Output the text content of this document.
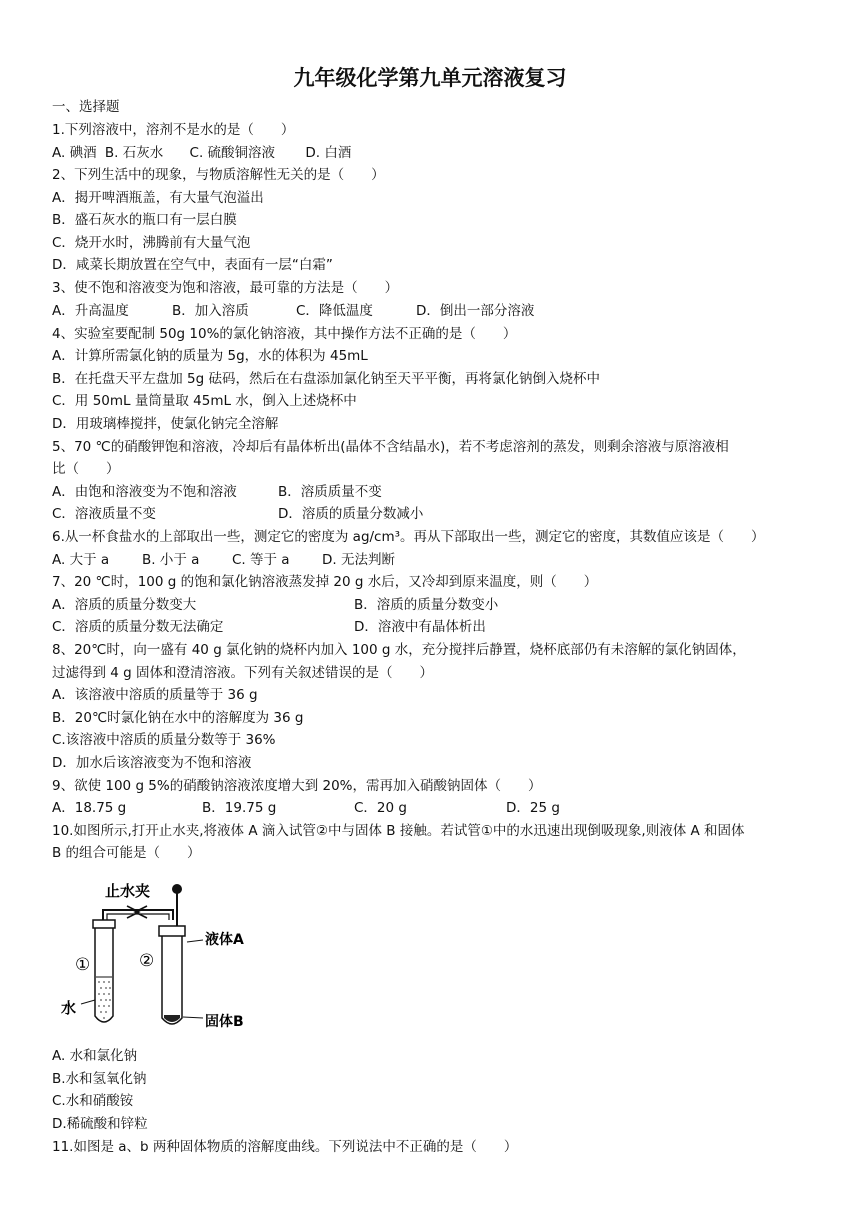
九年级化学第九单元溶液复习
一、选择题
1.下列溶液中，溶剂不是水的是（　　）
A. 碘酒 B. 石灰水 C. 硫酸铜溶液 D. 白酒
2、下列生活中的现象，与物质溶解性无关的是（　　）
A．揭开啤酒瓶盖，有大量气泡溢出
B．盛石灰水的瓶口有一层白膜
C．烧开水时，沸腾前有大量气泡
D．咸菜长期放置在空气中，表面有一层“白霜”
3、使不饱和溶液变为饱和溶液，最可靠的方法是（　　）
A．升高温度	B．加入溶质	C．降低温度	D．倒出一部分溶液
4、实验室要配制 50g 10%的氯化钠溶液，其中操作方法不正确的是（　　）
A．计算所需氯化钠的质量为 5g，水的体积为 45mL
B．在托盘天平左盘加 5g 砝码，然后在右盘添加氯化钠至天平平衡，再将氯化钠倒入烧杯中
C．用 50mL 量筒量取 45mL 水，倒入上述烧杯中
D．用玻璃棒搅拌，使氯化钠完全溶解
5、70 ℃的硝酸钾饱和溶液，冷却后有晶体析出(晶体不含结晶水)，若不考虑溶剂的蒸发，则剩余溶液与原溶液相
比（　　）
A．由饱和溶液变为不饱和溶液	B．溶质质量不变
C．溶液质量不变	D．溶质的质量分数减小
6.从一杯食盐水的上部取出一些，测定它的密度为 ag/cm³。再从下部取出一些，测定它的密度，其数值应该是（　　）
A. 大于 a B. 小于 a C. 等于 a D. 无法判断
7、20 ℃时，100 g 的饱和氯化钠溶液蒸发掉 20 g 水后，又冷却到原来温度，则（　　）
A．溶质的质量分数变大	B．溶质的质量分数变小
C．溶质的质量分数无法确定	D．溶液中有晶体析出
8、20℃时，向一盛有 40 g 氯化钠的烧杯内加入 100 g 水，充分搅拌后静置，烧杯底部仍有未溶解的氯化钠固体，
过滤得到 4 g 固体和澄清溶液。下列有关叙述错误的是（　　）
A．该溶液中溶质的质量等于 36 g
B．20℃时氯化钠在水中的溶解度为 36 g
C.该溶液中溶质的质量分数等于 36%
D．加水后该溶液变为不饱和溶液
9、欲使 100 g 5%的硝酸钠溶液浓度增大到 20%，需再加入硝酸钠固体（　　）
A．18.75 g	B．19.75 g	C．20 g	D．25 g
10.如图所示,打开止水夹,将液体 A 滴入试管②中与固体 B 接触。若试管①中的水迅速出现倒吸现象,则液体 A 和固体
B 的组合可能是（　　）
止水夹
①	②
液体A
水
固体B
A. 水和氯化钠
B.水和氢氧化钠
C.水和硝酸铵
D.稀硫酸和锌粒
11.如图是 a、b 两种固体物质的溶解度曲线。下列说法中不正确的是（　　）
